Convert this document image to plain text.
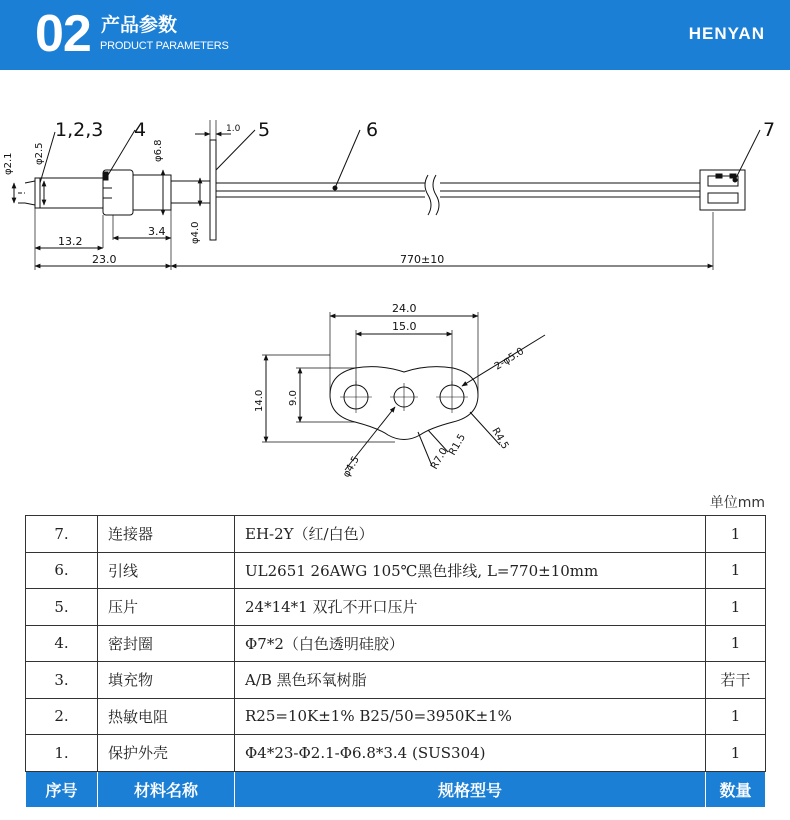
02 产品参数
PRODUCT PARAMETERS
HENYAN
1,2,3 4	5	6	7
1.0
13.2
3.4
23.0	770±10
φ2.1 φ2.5	φ6.8
φ4.0
24.0
15.0
2-φ5.0
14.0 9.0
φ4.5	R7.0
R1.5 R4.5
单位mm
7.	连接器	EH-2Y（红/白色）	1
6.	引线	UL2651 26AWG 105℃黑色排线, L=770±10mm	1
5.	压片	24*14*1 双孔不开口压片	1
4.	密封圈	Φ7*2（白色透明硅胶）	1
3.	填充物	A/B 黑色环氧树脂	若干
2.	热敏电阻	R25=10K±1% B25/50=3950K±1%	1
1.	保护外壳	Φ4*23-Φ2.1-Φ6.8*3.4 (SUS304)	1
序号	材料名称	规格型号	数量
